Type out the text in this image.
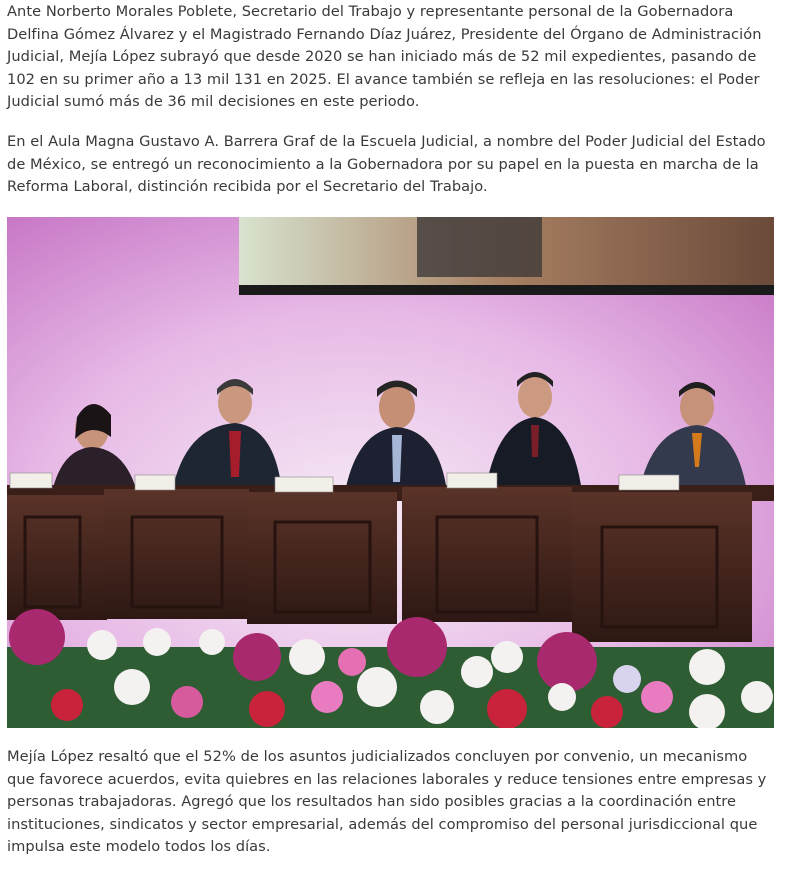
Ante Norberto Morales Poblete, Secretario del Trabajo y representante personal de la Gobernadora Delfina Gómez Álvarez y el Magistrado Fernando Díaz Juárez, Presidente del Órgano de Administración Judicial, Mejía López subrayó que desde 2020 se han iniciado más de 52 mil expedientes, pasando de 102 en su primer año a 13 mil 131 en 2025. El avance también se refleja en las resoluciones: el Poder Judicial sumó más de 36 mil decisiones en este periodo.

En el Aula Magna Gustavo A. Barrera Graf de la Escuela Judicial, a nombre del Poder Judicial del Estado de México, se entregó un reconocimiento a la Gobernadora por su papel en la puesta en marcha de la Reforma Laboral, distinción recibida por el Secretario del Trabajo.

Mejía López resaltó que el 52% de los asuntos judicializados concluyen por convenio, un mecanismo que favorece acuerdos, evita quiebres en las relaciones laborales y reduce tensiones entre empresas y personas trabajadoras. Agregó que los resultados han sido posibles gracias a la coordinación entre instituciones, sindicatos y sector empresarial, además del compromiso del personal jurisdiccional que impulsa este modelo todos los días.
